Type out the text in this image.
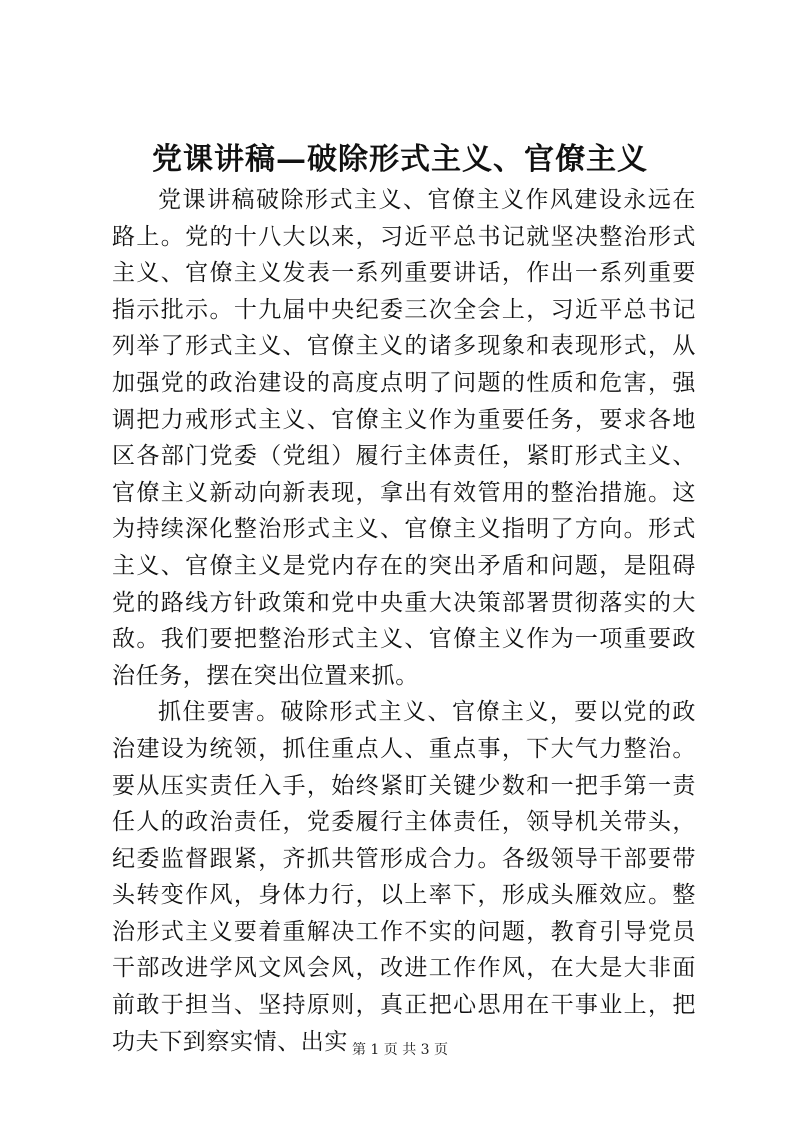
党课讲稿—破除形式主义、官僚主义

党课讲稿破除形式主义、官僚主义作风建设永远在路上。党的十八大以来，习近平总书记就坚决整治形式主义、官僚主义发表一系列重要讲话，作出一系列重要指示批示。十九届中央纪委三次全会上，习近平总书记列举了形式主义、官僚主义的诸多现象和表现形式，从加强党的政治建设的高度点明了问题的性质和危害，强调把力戒形式主义、官僚主义作为重要任务，要求各地区各部门党委（党组）履行主体责任，紧盯形式主义、官僚主义新动向新表现，拿出有效管用的整治措施。这为持续深化整治形式主义、官僚主义指明了方向。形式主义、官僚主义是党内存在的突出矛盾和问题，是阻碍党的路线方针政策和党中央重大决策部署贯彻落实的大敌。我们要把整治形式主义、官僚主义作为一项重要政治任务，摆在突出位置来抓。

抓住要害。破除形式主义、官僚主义，要以党的政治建设为统领，抓住重点人、重点事，下大气力整治。要从压实责任入手，始终紧盯关键少数和一把手第一责任人的政治责任，党委履行主体责任，领导机关带头，纪委监督跟紧，齐抓共管形成合力。各级领导干部要带头转变作风，身体力行，以上率下，形成头雁效应。整治形式主义要着重解决工作不实的问题，教育引导党员干部改进学风文风会风，改进工作作风，在大是大非面前敢于担当、坚持原则，真正把心思用在干事业上，把功夫下到察实情、出实 第 1 页 共 3 页
